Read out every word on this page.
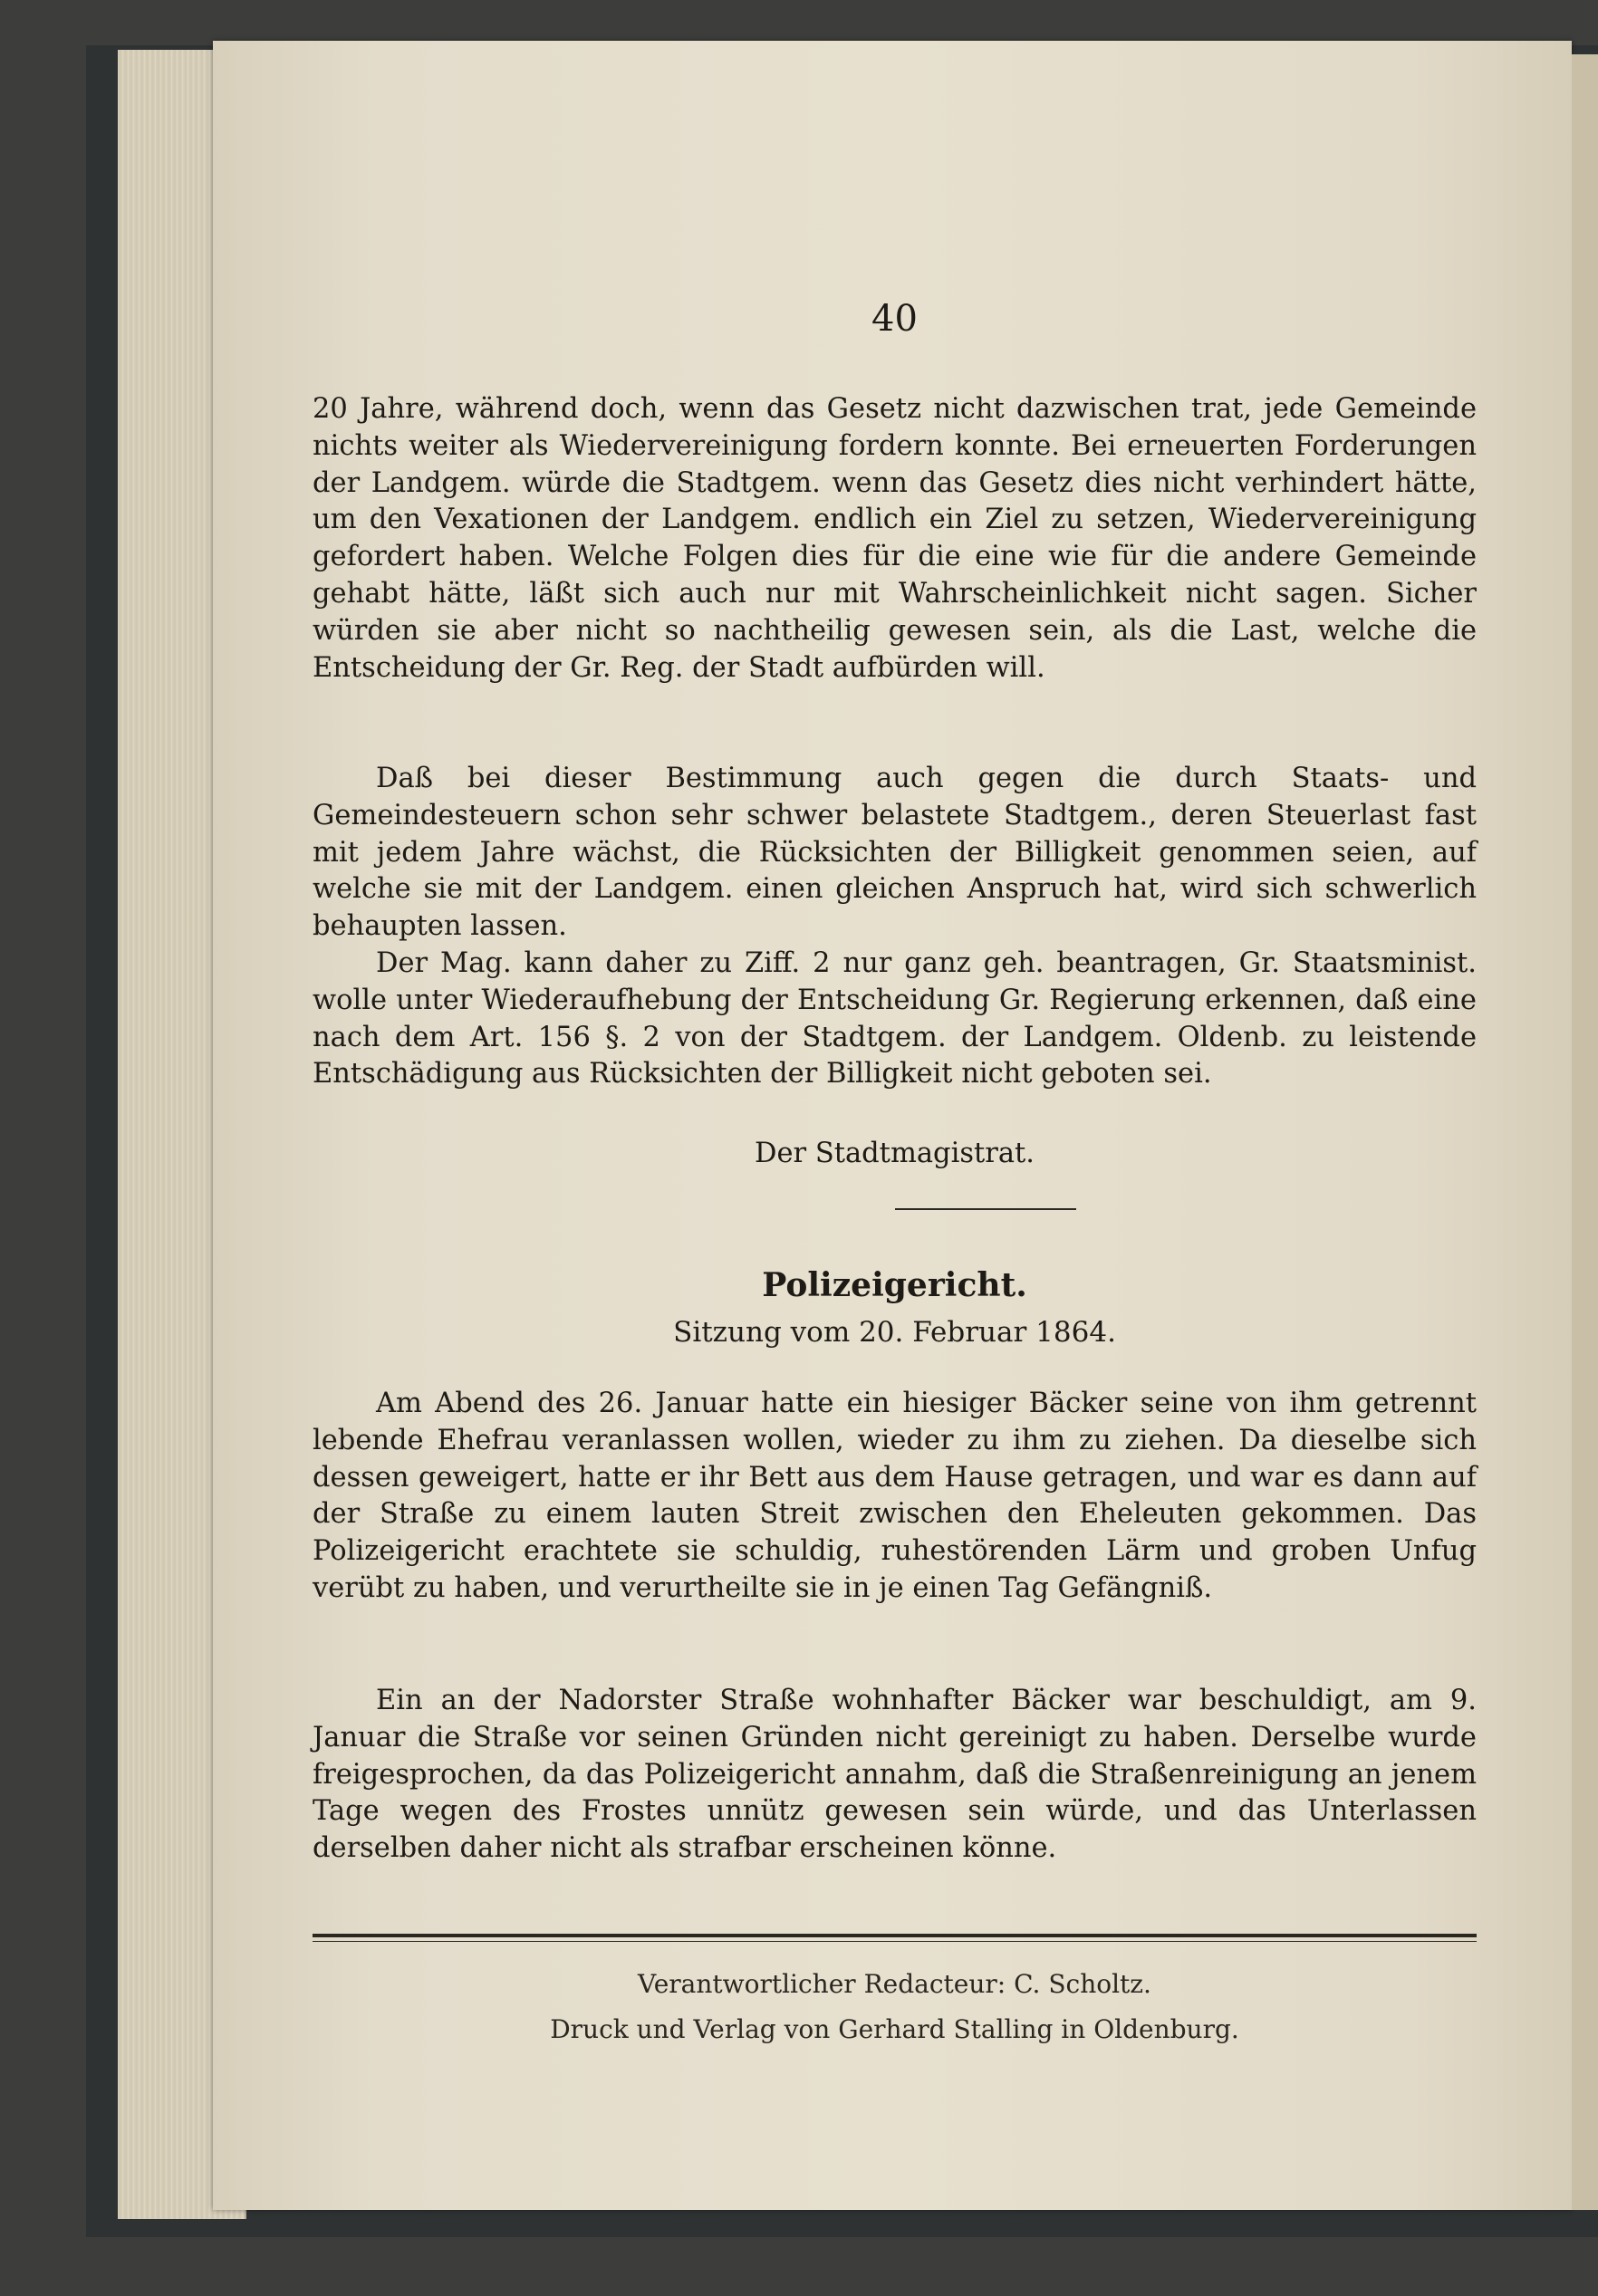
40

20 Jahre, während doch, wenn das Gesetz nicht dazwischen trat, jede Gemeinde nichts weiter als Wiedervereinigung fordern konnte. Bei erneuerten Forderungen der Landgem. würde die Stadtgem. wenn das Gesetz dies nicht verhindert hätte, um den Vexationen der Landgem. endlich ein Ziel zu setzen, Wiedervereinigung gefordert haben. Welche Folgen dies für die eine wie für die andere Gemeinde gehabt hätte, läßt sich auch nur mit Wahrscheinlichkeit nicht sagen. Sicher würden sie aber nicht so nachtheilig gewesen sein, als die Last, welche die Entscheidung der Gr. Reg. der Stadt aufbürden will.

Daß bei dieser Bestimmung auch gegen die durch Staats- und Gemeindesteuern schon sehr schwer belastete Stadtgem., deren Steuerlast fast mit jedem Jahre wächst, die Rücksichten der Billigkeit genommen seien, auf welche sie mit der Landgem. einen gleichen Anspruch hat, wird sich schwerlich behaupten lassen.

Der Mag. kann daher zu Ziff. 2 nur ganz geh. beantragen, Gr. Staatsminist. wolle unter Wiederaufhebung der Entscheidung Gr. Regierung erkennen, daß eine nach dem Art. 156 §. 2 von der Stadtgem. der Landgem. Oldenb. zu leistende Entschädigung aus Rücksichten der Billigkeit nicht geboten sei.

Der Stadtmagistrat.
Polizeigericht.
Sitzung vom 20. Februar 1864.

Am Abend des 26. Januar hatte ein hiesiger Bäcker seine von ihm getrennt lebende Ehefrau veranlassen wollen, wieder zu ihm zu ziehen. Da dieselbe sich dessen geweigert, hatte er ihr Bett aus dem Hause getragen, und war es dann auf der Straße zu einem lauten Streit zwischen den Eheleuten gekommen. Das Polizeigericht erachtete sie schuldig, ruhestörenden Lärm und groben Unfug verübt zu haben, und verurtheilte sie in je einen Tag Gefängniß.

Ein an der Nadorster Straße wohnhafter Bäcker war beschuldigt, am 9. Januar die Straße vor seinen Gründen nicht gereinigt zu haben. Derselbe wurde freigesprochen, da das Polizeigericht annahm, daß die Straßenreinigung an jenem Tage wegen des Frostes unnütz gewesen sein würde, und das Unterlassen derselben daher nicht als strafbar erscheinen könne.

Verantwortlicher Redacteur: C. Scholtz.
Druck und Verlag von Gerhard Stalling in Oldenburg.
